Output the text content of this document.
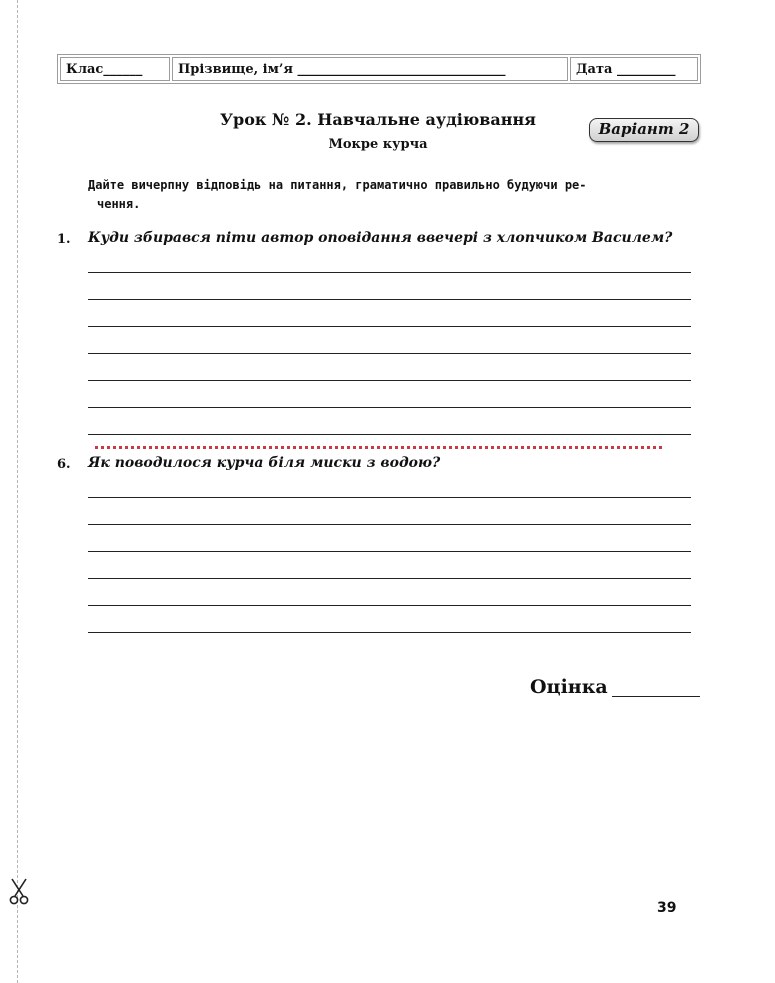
Клас______	Прізвище, ім’я ________________________________	Дата _________
Урок № 2. Навчальне аудіювання
Мокре курча
Варіант 2
Дайте вичерпну відповідь на питання, граматично правильно будуючи ре-
чення.
1. Куди збирався піти автор оповідання ввечері з хлопчиком Василем?
6. Як поводилося курча біля миски з водою?
Оцінка
39
